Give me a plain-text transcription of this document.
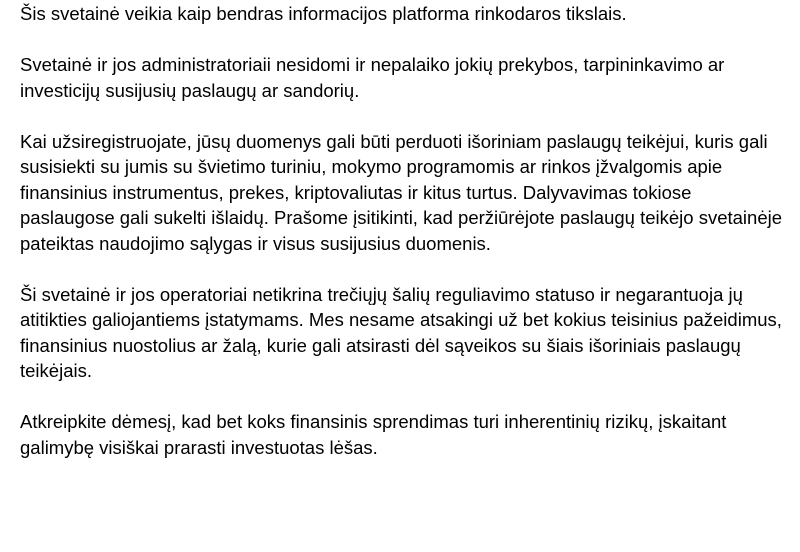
Šis svetainė veikia kaip bendras informacijos platforma rinkodaros tikslais.

Svetainė ir jos administratoriaii nesidomi ir nepalaiko jokių prekybos, tarpininkavimo ar investicijų susijusių paslaugų ar sandorių.

Kai užsiregistruojate, jūsų duomenys gali būti perduoti išoriniam paslaugų teikėjui, kuris gali susisiekti su jumis su švietimo turiniu, mokymo programomis ar rinkos įžvalgomis apie finansinius instrumentus, prekes, kriptovaliutas ir kitus turtus. Dalyvavimas tokiose paslaugose gali sukelti išlaidų. Prašome įsitikinti, kad peržiūrėjote paslaugų teikėjo svetainėje pateiktas naudojimo sąlygas ir visus susijusius duomenis.

Ši svetainė ir jos operatoriai netikrina trečiųjų šalių reguliavimo statuso ir negarantuoja jų atitikties galiojantiems įstatymams. Mes nesame atsakingi už bet kokius teisinius pažeidimus, finansinius nuostolius ar žalą, kurie gali atsirasti dėl sąveikos su šiais išoriniais paslaugų teikėjais.

Atkreipkite dėmesį, kad bet koks finansinis sprendimas turi inherentinių rizikų, įskaitant galimybę visiškai prarasti investuotas lėšas.
